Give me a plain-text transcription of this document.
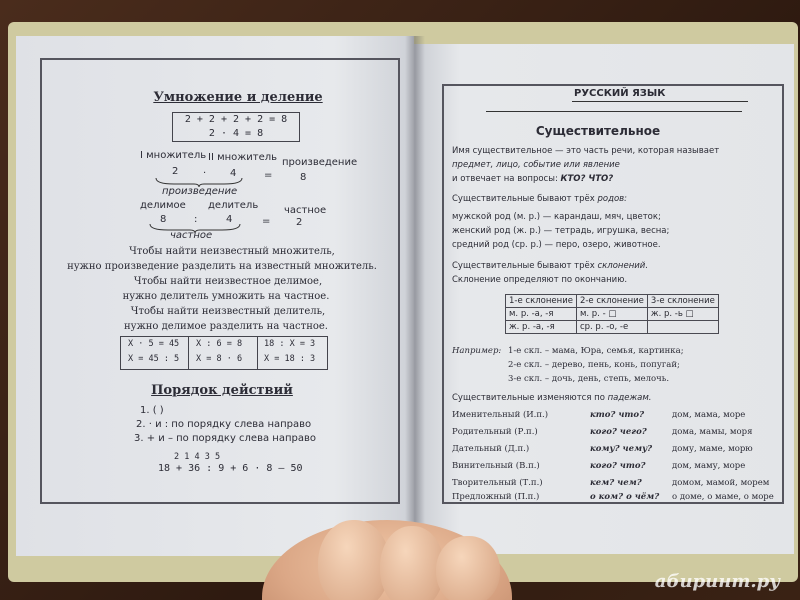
Умножение и деление
2 + 2 + 2 + 2 = 8
2 · 4 = 8
I множитель II множитель произведение
2 · 4	=	8
произведение
делимое делитель	частное
8	:	4	=	2
частное
Чтобы найти неизвестный множитель,
нужно произведение разделить на известный множитель.
Чтобы найти неизвестное делимое,
нужно делитель умножить на частное.
Чтобы найти неизвестный делитель,
нужно делимое разделить на частное.
X · 5 = 45
X = 45 : 5
X : 6 = 8
X = 8 · 6
18 : X = 3
X = 18 : 3
Порядок действий
1. ( )
2. · и : по порядку слева направо
3. + и – по порядку слева направо
2 1 4 3 5
18 + 36 : 9 + 6 · 8 – 50
РУССКИЙ ЯЗЫК
Существительное
Имя существительное — это часть речи, которая называет
предмет, лицо, событие или явление
и отвечает на вопросы: КТО? ЧТО?
Существительные бывают трёх родов:
мужской род (м. р.) — карандаш, мяч, цветок;
женский род (ж. р.) — тетрадь, игрушка, весна;
средний род (ср. р.) — перо, озеро, животное.
Существительные бывают трёх склонений.
Склонение определяют по окончанию.
1-е склонение	2-е склонение	3-е склонение
м. р. -а, -я	м. р. - □	ж. р. -ь □
ж. р. -а, -я	ср. р. -о, -е	
Например: 1-е скл. – мама, Юра, семья, картинка;
2-е скл. – дерево, пень, конь, попугай;
3-е скл. – дочь, день, степь, мелочь.
Существительные изменяются по падежам.
Именительный (И.п.)	кто? что?	дом, мама, море
Родительный (Р.п.)	кого? чего?	дома, мамы, моря
Дательный (Д.п.)	кому? чему? дому, маме, морю
Винительный (В.п.)	кого? что?	дом, маму, море
Творительный (Т.п.)	кем? чем?	домом, мамой, морем
Предложный (П.п.)	о ком? о чём? о доме, о маме, о море
абиринт.ру
